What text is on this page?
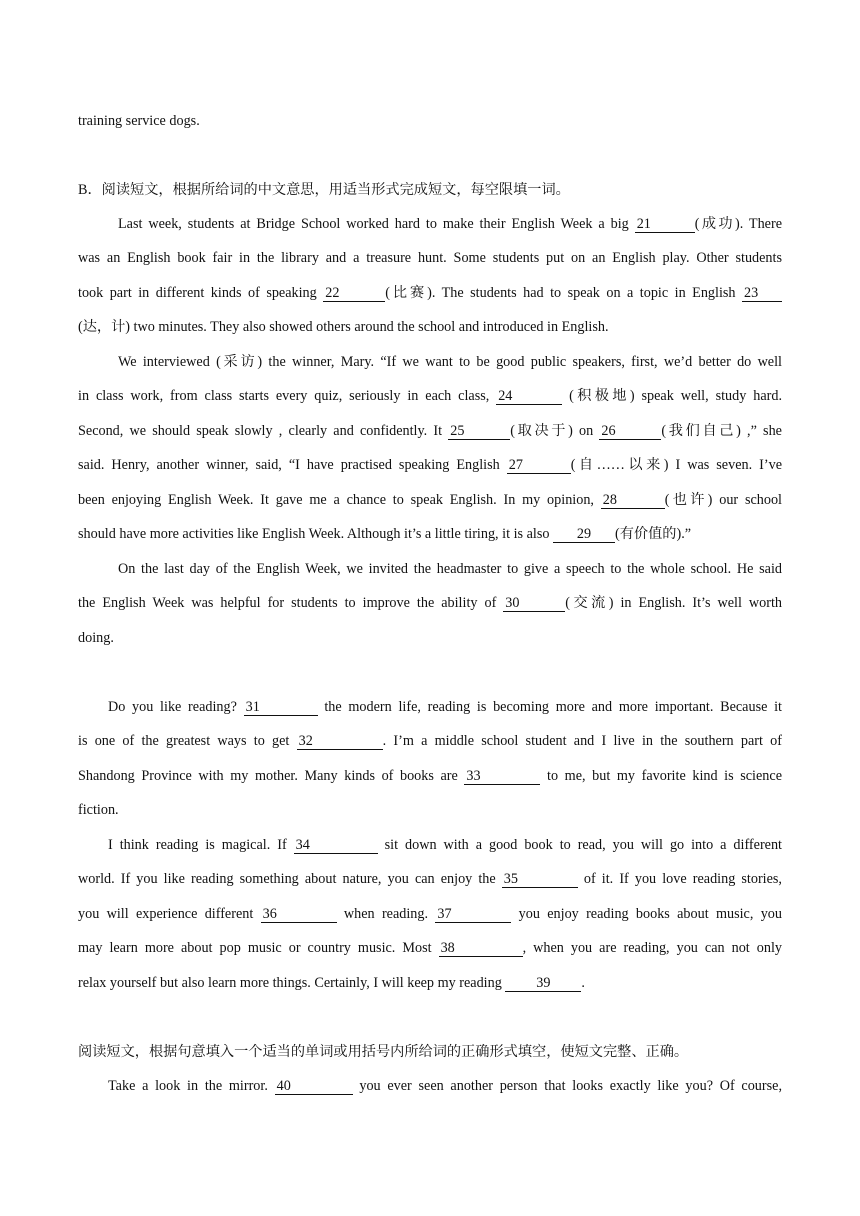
training service dogs.
B．阅读短文，根据所给词的中文意思，用适当形式完成短文，每空限填一词。
Last week, students at Bridge School worked hard to make their English Week a big 21	(成功). There
was an English book fair in the library and a treasure hunt. Some students put on an English play. Other students
took part in different kinds of speaking 22	(比赛). The students had to speak on a topic in English 23
(达，计) two minutes. They also showed others around the school and introduced in English.
We interviewed (采访) the winner, Mary. “If we want to be good public speakers, first, we’d better do well
in class work, from class starts every quiz, seriously in each class, 24	(积极地) speak well, study hard.
Second, we should speak slowly , clearly and confidently. It 25	(取决于) on 26	(我们自己) ,” she
said. Henry, another winner, said, “I have practised speaking English 27	(自……以来) I was seven. I’ve
been enjoying English Week. It gave me a chance to speak English. In my opinion, 28	(也许) our school
should have more activities like English Week. Although it’s a little tiring, it is also 29 (有价值的).”
On the last day of the English Week, we invited the headmaster to give a speech to the whole school. He said
the English Week was helpful for students to improve the ability of 30	(交流) in English. It’s well worth
doing.
Do you like reading? 31	the modern life, reading is becoming more and more important. Because it
is one of the greatest ways to get 32	. I’m a middle school student and I live in the southern part of
Shandong Province with my mother. Many kinds of books are 33	to me, but my favorite kind is science
fiction.
I think reading is magical. If 34	sit down with a good book to read, you will go into a different
world. If you like reading something about nature, you can enjoy the 35	of it. If you love reading stories,
you will experience different 36	when reading. 37	you enjoy reading books about music, you
may learn more about pop music or country music. Most 38	, when you are reading, you can not only
relax yourself but also learn more things. Certainly, I will keep my reading 39 .
阅读短文，根据句意填入一个适当的单词或用括号内所给词的正确形式填空，使短文完整、正确。
Take a look in the mirror. 40	you ever seen another person that looks exactly like you? Of course,
